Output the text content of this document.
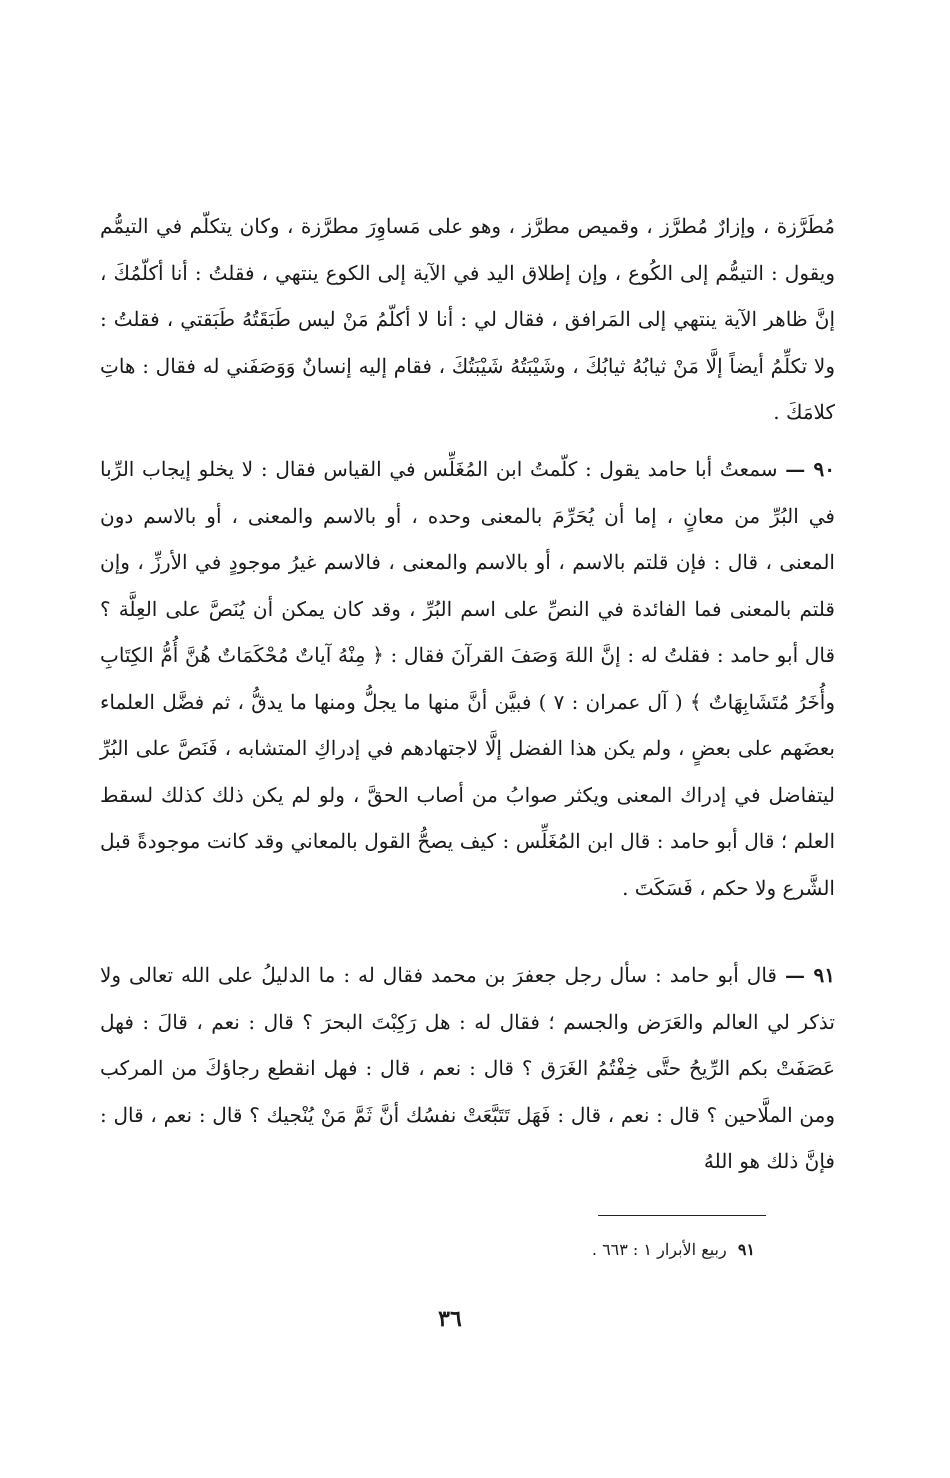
مُطَرَّزة ، وإزارٌ مُطرَّز ، وقميص مطرَّز ، وهو على مَساوِرَ مطرَّزة ، وكان يتكلّم في التيمُّم ويقول : التيمُّم إلى الكُوع ، وإن إطلاق اليد في الآية إلى الكوع ينتهي ، فقلتُ : أنا أكلّمُكَ ، إنَّ ظاهر الآية ينتهي إلى المَرافق ، فقال لي : أنا لا أكلّمُ مَنْ ليس طَبَقَتُهُ طَبَقتي ، فقلتُ : ولا تكلِّمُ أيضاً إلَّا مَنْ ثيابُهُ ثيابُكَ ، وشَيْبَتُهُ شَيْبَتُكَ ، فقام إليه إنسانٌ وَوَصَفَني له فقال : هاتِ كلامَكَ .

٩٠ — سمعتُ أبا حامد يقول : كلّمتُ ابن المُغَلِّس في القياس فقال : لا يخلو إيجاب الرِّبا في البُرِّ من معانٍ ، إما أن يُحَرِّمَ بالمعنى وحده ، أو بالاسم والمعنى ، أو بالاسم دون المعنى ، قال : فإن قلتم بالاسم ، أو بالاسم والمعنى ، فالاسم غيرُ موجودٍ في الأرزِّ ، وإن قلتم بالمعنى فما الفائدة في النصِّ على اسم البُرِّ ، وقد كان يمكن أن يُنَصَّ على العِلَّة ؟ قال أبو حامد : فقلتُ له : إنَّ اللهَ وَصَفَ القرآنَ فقال : ﴿ مِنْهُ آياتٌ مُحْكَمَاتٌ هُنَّ أُمُّ الكِتَابِ وأُخَرُ مُتَشَابِهَاتٌ ﴾ ( آل عمران : ٧ ) فبيَّن أنَّ منها ما يجلُّ ومنها ما يدقُّ ، ثم فضَّل العلماء بعضَهم على بعضٍ ، ولم يكن هذا الفضل إلَّا لاجتهادهم في إدراكِ المتشابه ، فَنَصَّ على البُرِّ ليتفاضل في إدراك المعنى ويكثر صوابُ من أصاب الحقَّ ، ولو لم يكن ذلك كذلك لسقط العلم ؛ قال أبو حامد : قال ابن المُغَلِّس : كيف يصحُّ القول بالمعاني وقد كانت موجودةً قبل الشَّرع ولا حكم ، فَسَكَتَ .

٩١ — قال أبو حامد : سأل رجل جعفرَ بن محمد فقال له : ما الدليلُ على الله تعالى ولا تذكر لي العالم والعَرَض والجسم ؛ فقال له : هل رَكِبْتَ البحرَ ؟ قال : نعم ، قالَ : فهل عَصَفَتْ بكم الرِّيحُ حتَّى خِفْتُمُ الغَرَق ؟ قال : نعم ، قال : فهل انقطع رجاؤكَ من المركب ومن الملَّاحين ؟ قال : نعم ، قال : فَهَل تَتَبَّعَتْ نفسُك أنَّ ثَمَّ مَنْ يُنْجيك ؟ قال : نعم ، قال : فإنَّ ذلك هو اللهُ

٩١ ربيع الأبرار ١ : ٦٦٣ .

٣٦
